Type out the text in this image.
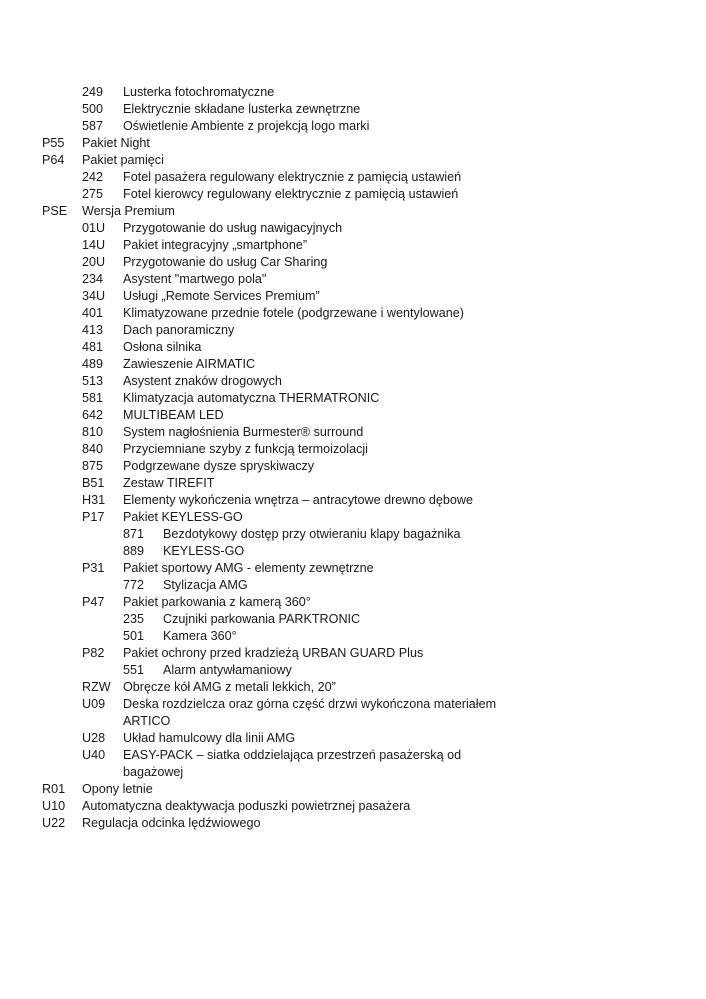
249 Lusterka fotochromatyczne
500 Elektrycznie składane lusterka zewnętrzne
587 Oświetlenie Ambiente z projekcją logo marki
P55 Pakiet Night
P64 Pakiet pamięci
242 Fotel pasażera regulowany elektrycznie z pamięcią ustawień
275 Fotel kierowcy regulowany elektrycznie z pamięcią ustawień
PSE Wersja Premium
01U Przygotowanie do usług nawigacyjnych
14U Pakiet integracyjny „smartphone”
20U Przygotowanie do usług Car Sharing
234 Asystent "martwego pola"
34U Usługi „Remote Services Premium”
401 Klimatyzowane przednie fotele (podgrzewane i wentylowane)
413 Dach panoramiczny
481 Osłona silnika
489 Zawieszenie AIRMATIC
513 Asystent znaków drogowych
581 Klimatyzacja automatyczna THERMATRONIC
642 MULTIBEAM LED
810 System nagłośnienia Burmester® surround
840 Przyciemniane szyby z funkcją termoizolacji
875 Podgrzewane dysze spryskiwaczy
B51 Zestaw TIREFIT
H31 Elementy wykończenia wnętrza – antracytowe drewno dębowe
P17 Pakiet KEYLESS-GO
871 Bezdotykowy dostęp przy otwieraniu klapy bagażnika
889 KEYLESS-GO
P31 Pakiet sportowy AMG - elementy zewnętrzne
772 Stylizacja AMG
P47 Pakiet parkowania z kamerą 360°
235 Czujniki parkowania PARKTRONIC
501 Kamera 360°
P82 Pakiet ochrony przed kradzieżą URBAN GUARD Plus
551 Alarm antywłamaniowy
RZW Obręcze kół AMG z metali lekkich, 20”
U09 Deska rozdzielcza oraz górna część drzwi wykończona materiałem ARTICO
U28 Układ hamulcowy dla linii AMG
U40 EASY-PACK – siatka oddzielająca przestrzeń pasażerską od bagażowej
R01 Opony letnie
U10 Automatyczna deaktywacja poduszki powietrznej pasażera
U22 Regulacja odcinka lędźwiowego
